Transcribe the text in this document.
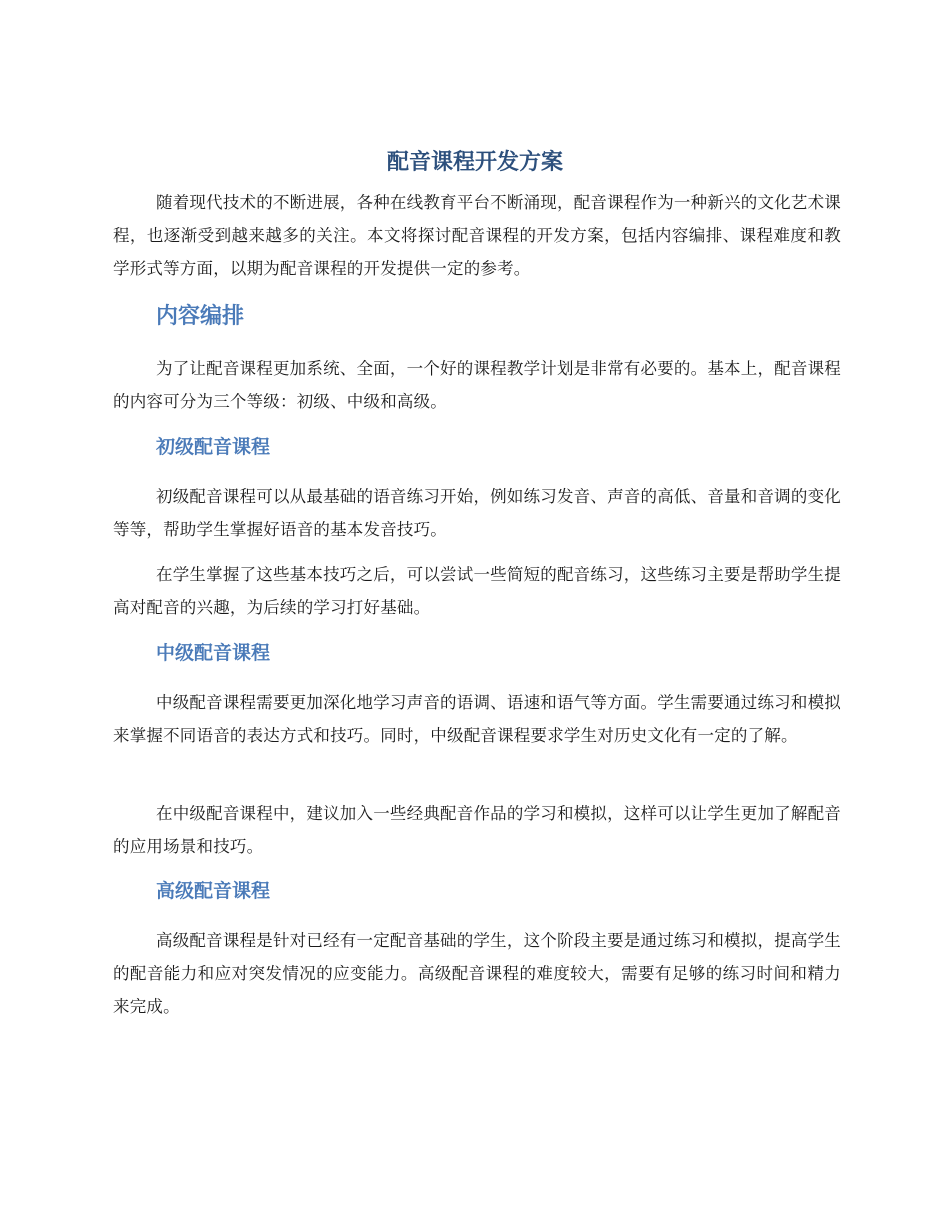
配音课程开发方案

随着现代技术的不断进展，各种在线教育平台不断涌现，配音课程作为一种新兴的文化艺术课程，也逐渐受到越来越多的关注。本文将探讨配音课程的开发方案，包括内容编排、课程难度和教学形式等方面，以期为配音课程的开发提供一定的参考。

内容编排

为了让配音课程更加系统、全面，一个好的课程教学计划是非常有必要的。基本上，配音课程的内容可分为三个等级：初级、中级和高级。

初级配音课程

初级配音课程可以从最基础的语音练习开始，例如练习发音、声音的高低、音量和音调的变化等等，帮助学生掌握好语音的基本发音技巧。

在学生掌握了这些基本技巧之后，可以尝试一些简短的配音练习，这些练习主要是帮助学生提高对配音的兴趣，为后续的学习打好基础。

中级配音课程

中级配音课程需要更加深化地学习声音的语调、语速和语气等方面。学生需要通过练习和模拟来掌握不同语音的表达方式和技巧。同时，中级配音课程要求学生对历史文化有一定的了解。

在中级配音课程中，建议加入一些经典配音作品的学习和模拟，这样可以让学生更加了解配音的应用场景和技巧。

高级配音课程

高级配音课程是针对已经有一定配音基础的学生，这个阶段主要是通过练习和模拟，提高学生的配音能力和应对突发情况的应变能力。高级配音课程的难度较大，需要有足够的练习时间和精力来完成。
